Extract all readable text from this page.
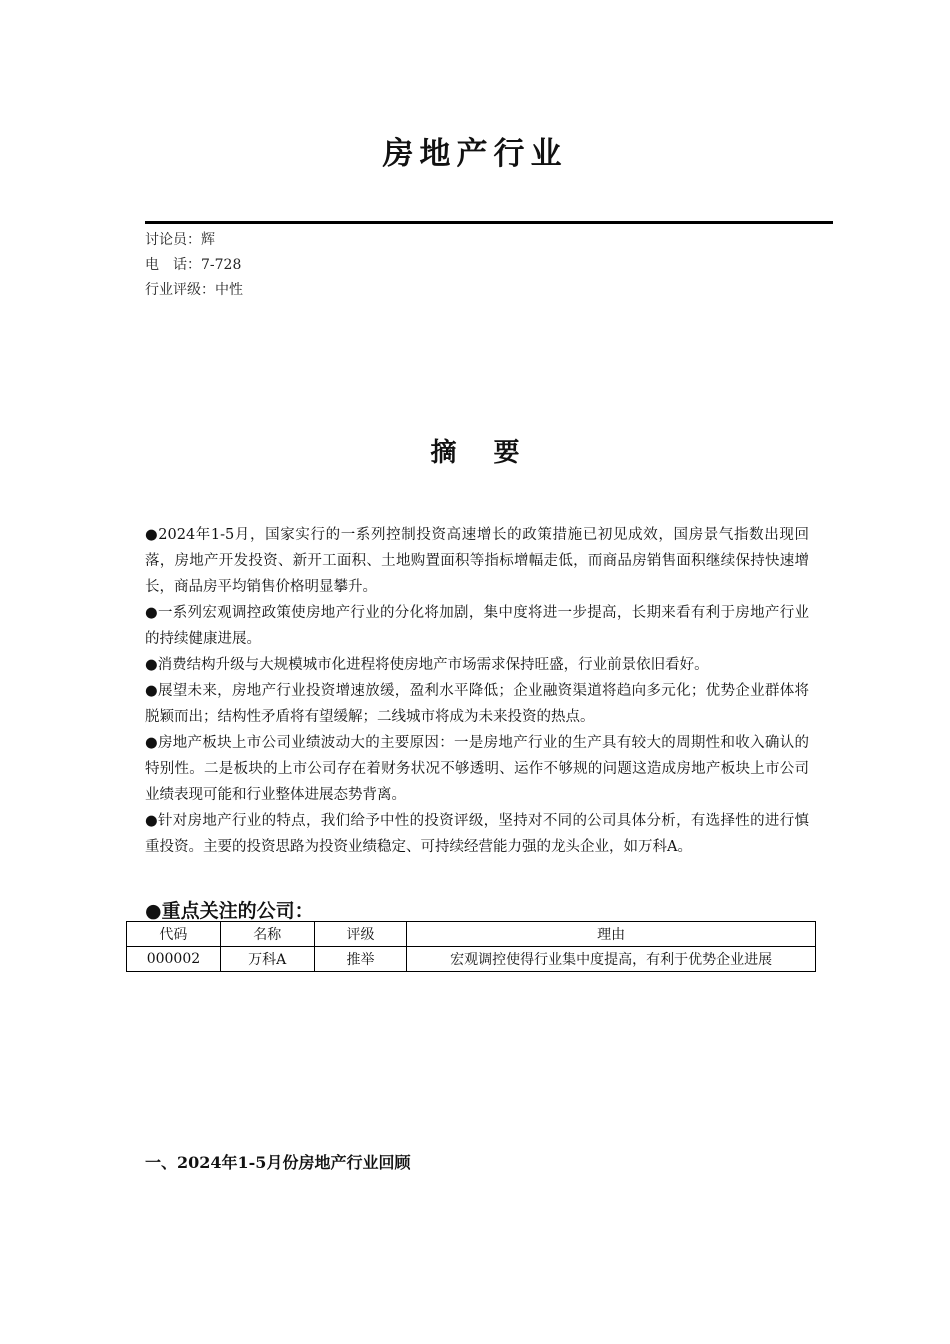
房地产行业
讨论员：辉
电　话：7-728
行业评级：中性
摘 要

●2024年1-5月，国家实行的一系列控制投资高速增长的政策措施已初见成效，国房景气指数出现回落，房地产开发投资、新开工面积、土地购置面积等指标增幅走低，而商品房销售面积继续保持快速增长，商品房平均销售价格明显攀升。

●一系列宏观调控政策使房地产行业的分化将加剧，集中度将进一步提高，长期来看有利于房地产行业的持续健康进展。

●消费结构升级与大规模城市化进程将使房地产市场需求保持旺盛，行业前景依旧看好。

●展望未来，房地产行业投资增速放缓，盈利水平降低；企业融资渠道将趋向多元化；优势企业群体将脱颖而出；结构性矛盾将有望缓解；二线城市将成为未来投资的热点。

●房地产板块上市公司业绩波动大的主要原因：一是房地产行业的生产具有较大的周期性和收入确认的特别性。二是板块的上市公司存在着财务状况不够透明、运作不够规的问题这造成房地产板块上市公司业绩表现可能和行业整体进展态势背离。

●针对房地产行业的特点，我们给予中性的投资评级，坚持对不同的公司具体分析，有选择性的进行慎重投资。主要的投资思路为投资业绩稳定、可持续经营能力强的龙头企业，如万科A。

●重点关注的公司：
代码	名称	评级	理由
000002	万科A	推举	宏观调控使得行业集中度提高，有利于优势企业进展
一、2024年1-5月份房地产行业回顾
